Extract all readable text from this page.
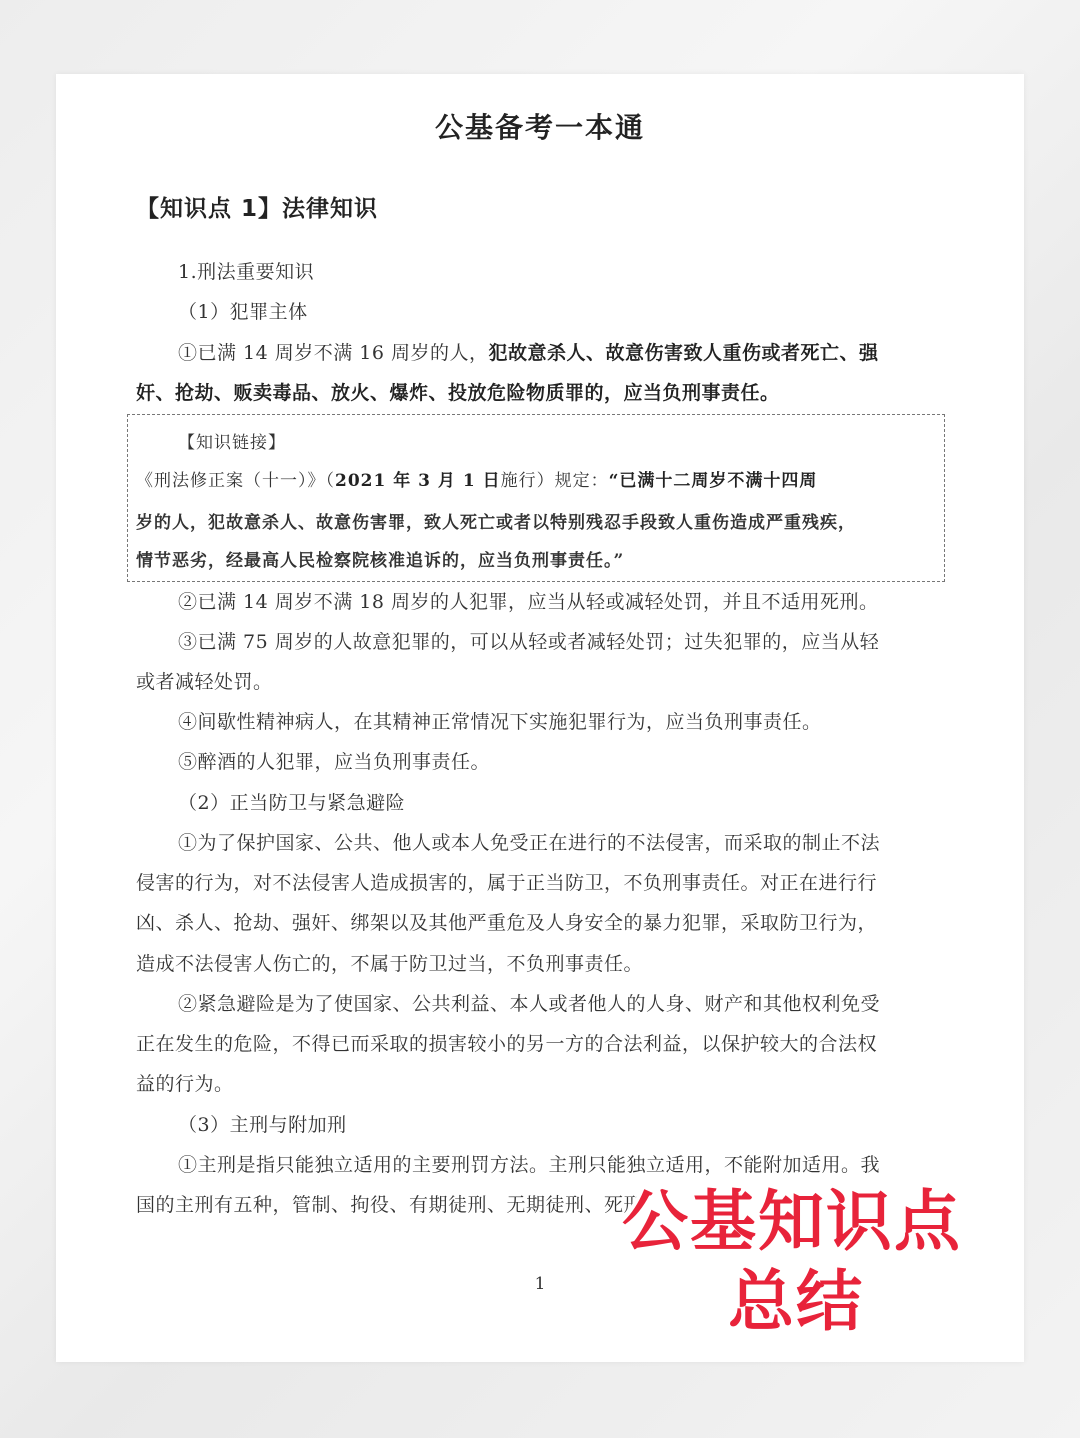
公基备考一本通
【知识点 1】法律知识
1.刑法重要知识
（1）犯罪主体
①已满 14 周岁不满 16 周岁的人，犯故意杀人、故意伤害致人重伤或者死亡、强
奸、抢劫、贩卖毒品、放火、爆炸、投放危险物质罪的，应当负刑事责任。
【知识链接】
《刑法修正案（十一）》（2021 年 3 月 1 日施行）规定：“已满十二周岁不满十四周
岁的人，犯故意杀人、故意伤害罪，致人死亡或者以特别残忍手段致人重伤造成严重残疾，
情节恶劣，经最高人民检察院核准追诉的，应当负刑事责任。”
②已满 14 周岁不满 18 周岁的人犯罪，应当从轻或减轻处罚，并且不适用死刑。
③已满 75 周岁的人故意犯罪的，可以从轻或者减轻处罚；过失犯罪的，应当从轻
或者减轻处罚。
④间歇性精神病人，在其精神正常情况下实施犯罪行为，应当负刑事责任。
⑤醉酒的人犯罪，应当负刑事责任。
（2）正当防卫与紧急避险
①为了保护国家、公共、他人或本人免受正在进行的不法侵害，而采取的制止不法
侵害的行为，对不法侵害人造成损害的，属于正当防卫，不负刑事责任。对正在进行行
凶、杀人、抢劫、强奸、绑架以及其他严重危及人身安全的暴力犯罪，采取防卫行为，
造成不法侵害人伤亡的，不属于防卫过当，不负刑事责任。
②紧急避险是为了使国家、公共利益、本人或者他人的人身、财产和其他权利免受
正在发生的危险，不得已而采取的损害较小的另一方的合法利益，以保护较大的合法权
益的行为。
（3）主刑与附加刑
①主刑是指只能独立适用的主要刑罚方法。主刑只能独立适用，不能附加适用。我
国的主刑有五种，管制、拘役、有期徒刑、无期徒刑、死刑
1
公基知识点
总结
